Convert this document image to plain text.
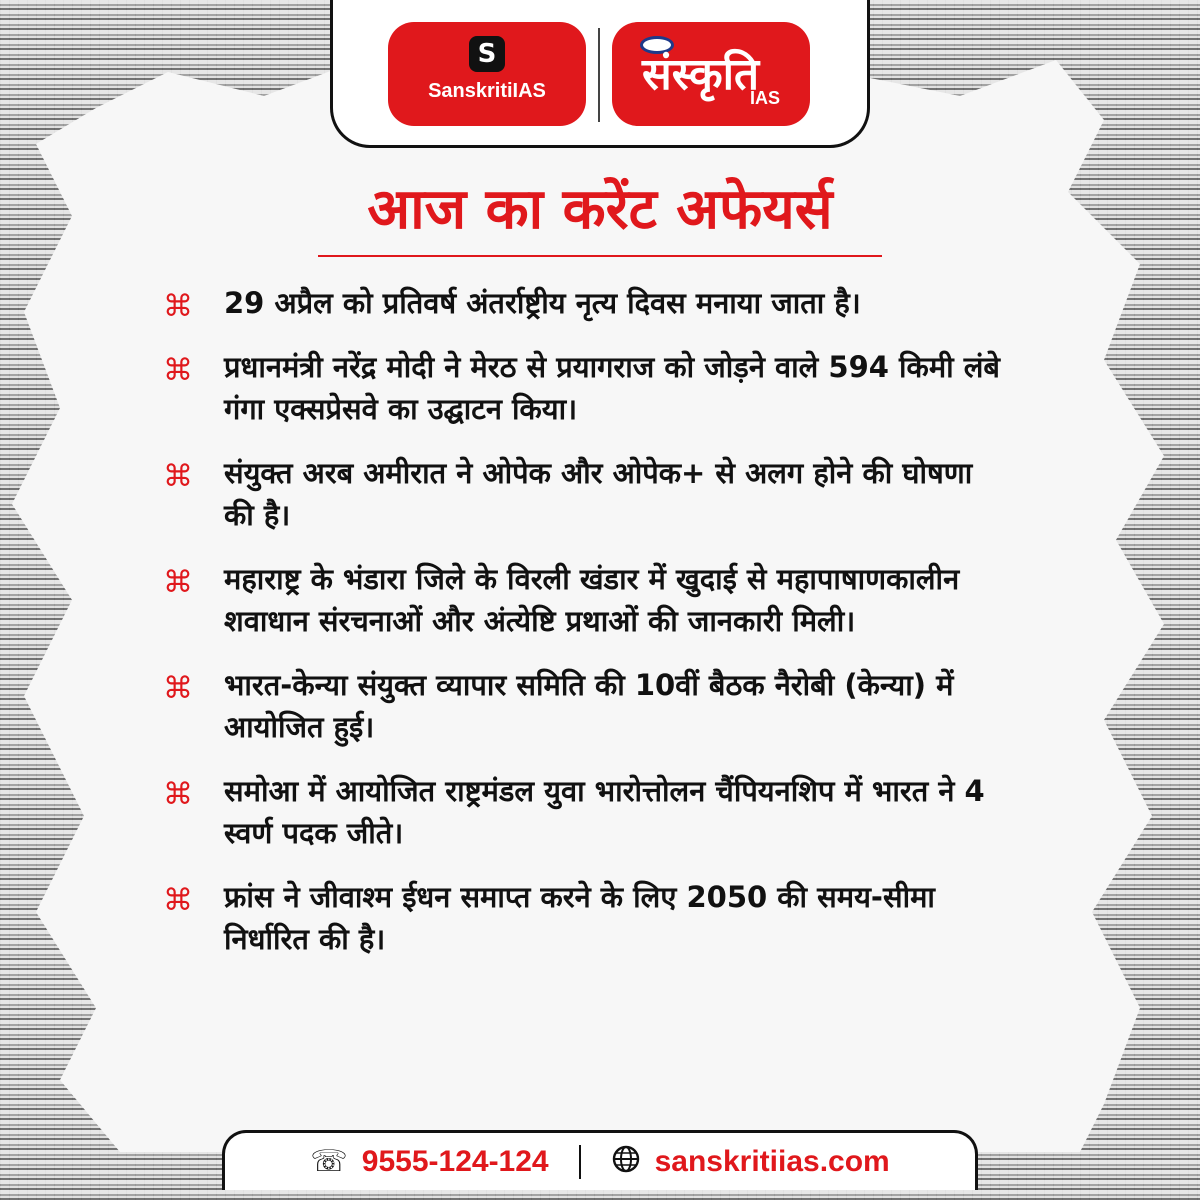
S
SanskritiIAS	संस्कृति
IAS
आज का करेंट अफेयर्स
⌘	29 अप्रैल को प्रतिवर्ष अंतर्राष्ट्रीय नृत्य दिवस मनाया जाता है।
⌘	प्रधानमंत्री नरेंद्र मोदी ने मेरठ से प्रयागराज को जोड़ने वाले 594 किमी लंबे गंगा एक्सप्रेसवे का उद्घाटन किया।
⌘	संयुक्त अरब अमीरात ने ओपेक और ओपेक+ से अलग होने की घोषणा की है।
⌘	महाराष्ट्र के भंडारा जिले के विरली खंडार में खुदाई से महापाषाणकालीन शवाधान संरचनाओं और अंत्येष्टि प्रथाओं की जानकारी मिली।
⌘	भारत-केन्या संयुक्त व्यापार समिति की 10वीं बैठक नैरोबी (केन्या) में आयोजित हुई।
⌘	समोआ में आयोजित राष्ट्रमंडल युवा भारोत्तोलन चैंपियनशिप में भारत ने 4 स्वर्ण पदक जीते।
⌘	फ्रांस ने जीवाश्म ईधन समाप्त करने के लिए 2050 की समय-सीमा निर्धारित की है।
☏ 9555-124-124	sanskritiias.com
